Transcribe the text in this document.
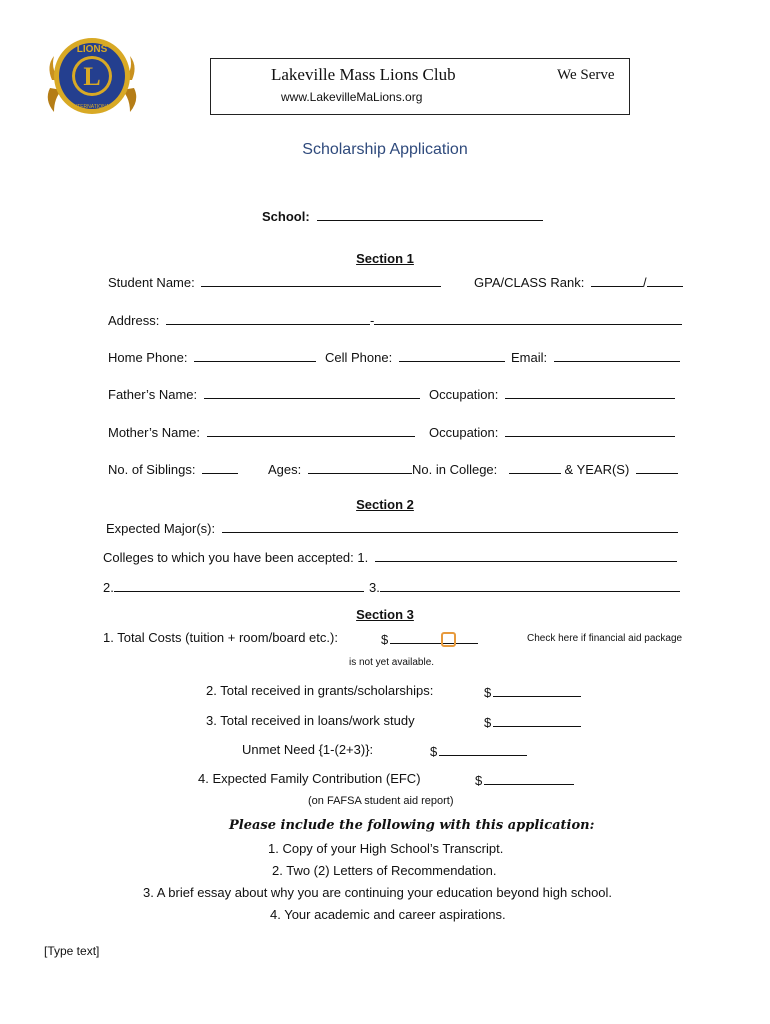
L
LIONS
INTERNATIONAL
Lakeville Mass Lions Club	We Serve
www.LakevilleMaLions.org
Scholarship Application
School:
Section 1
Student Name:	GPA/CLASS Rank:	/
Address:	-
Home Phone:	Cell Phone:	Email:
Father’s Name:	Occupation:
Mother’s Name:	Occupation:
No. of Siblings:	Ages:	No. in College:	& YEAR(S)
Section 2
Expected Major(s):
Colleges to which you have been accepted: 1.
2.	3.
Section 3
1. Total Costs (tuition + room/board etc.):	$	Check here if financial aid package
is not yet available.
2. Total received in grants/scholarships:	$
3. Total received in loans/work study	$
Unmet Need {1-(2+3)}:	$
4. Expected Family Contribution (EFC)	$
(on FAFSA student aid report)
Please include the following with this application:
1. Copy of your High School’s Transcript.
2. Two (2) Letters of Recommendation.
3. A brief essay about why you are continuing your education beyond high school.
4. Your academic and career aspirations.
[Type text]
